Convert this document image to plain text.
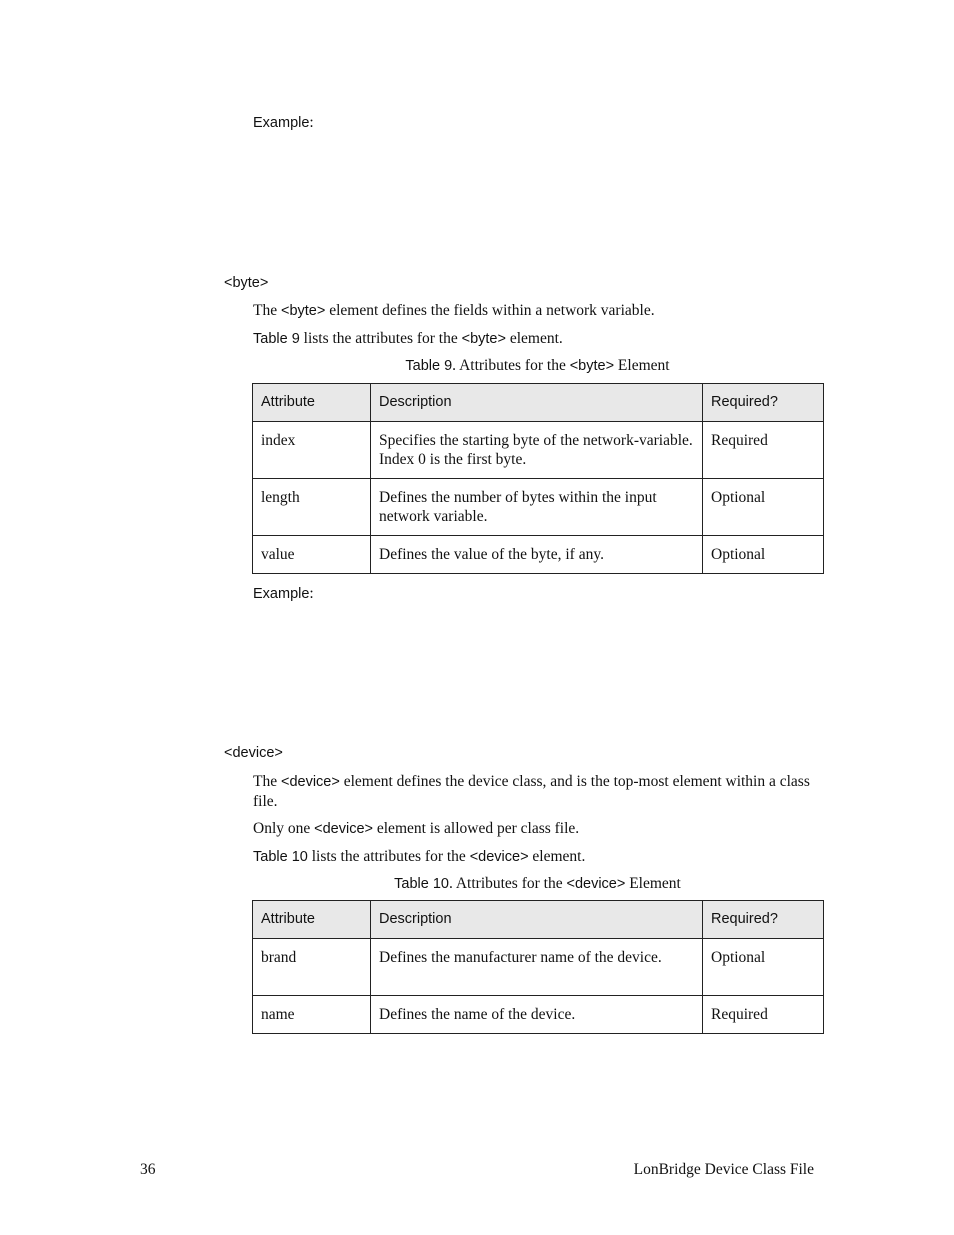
Example:
<byte>
The <byte> element defines the fields within a network variable.
Table 9 lists the attributes for the <byte> element.
Table 9. Attributes for the <byte> Element
Attribute	Description	Required?
index	Specifies the starting byte of the network-variable. Index 0 is the first byte.	Required
length	Defines the number of bytes within the input network variable.	Optional
value	Defines the value of the byte, if any.	Optional
Example:
<device>
The <device> element defines the device class, and is the top-most element within a class file.
Only one <device> element is allowed per class file.
Table 10 lists the attributes for the <device> element.
Table 10. Attributes for the <device> Element
Attribute	Description	Required?
brand	Defines the manufacturer name of the device.	Optional
name	Defines the name of the device.	Required
36	LonBridge Device Class File
